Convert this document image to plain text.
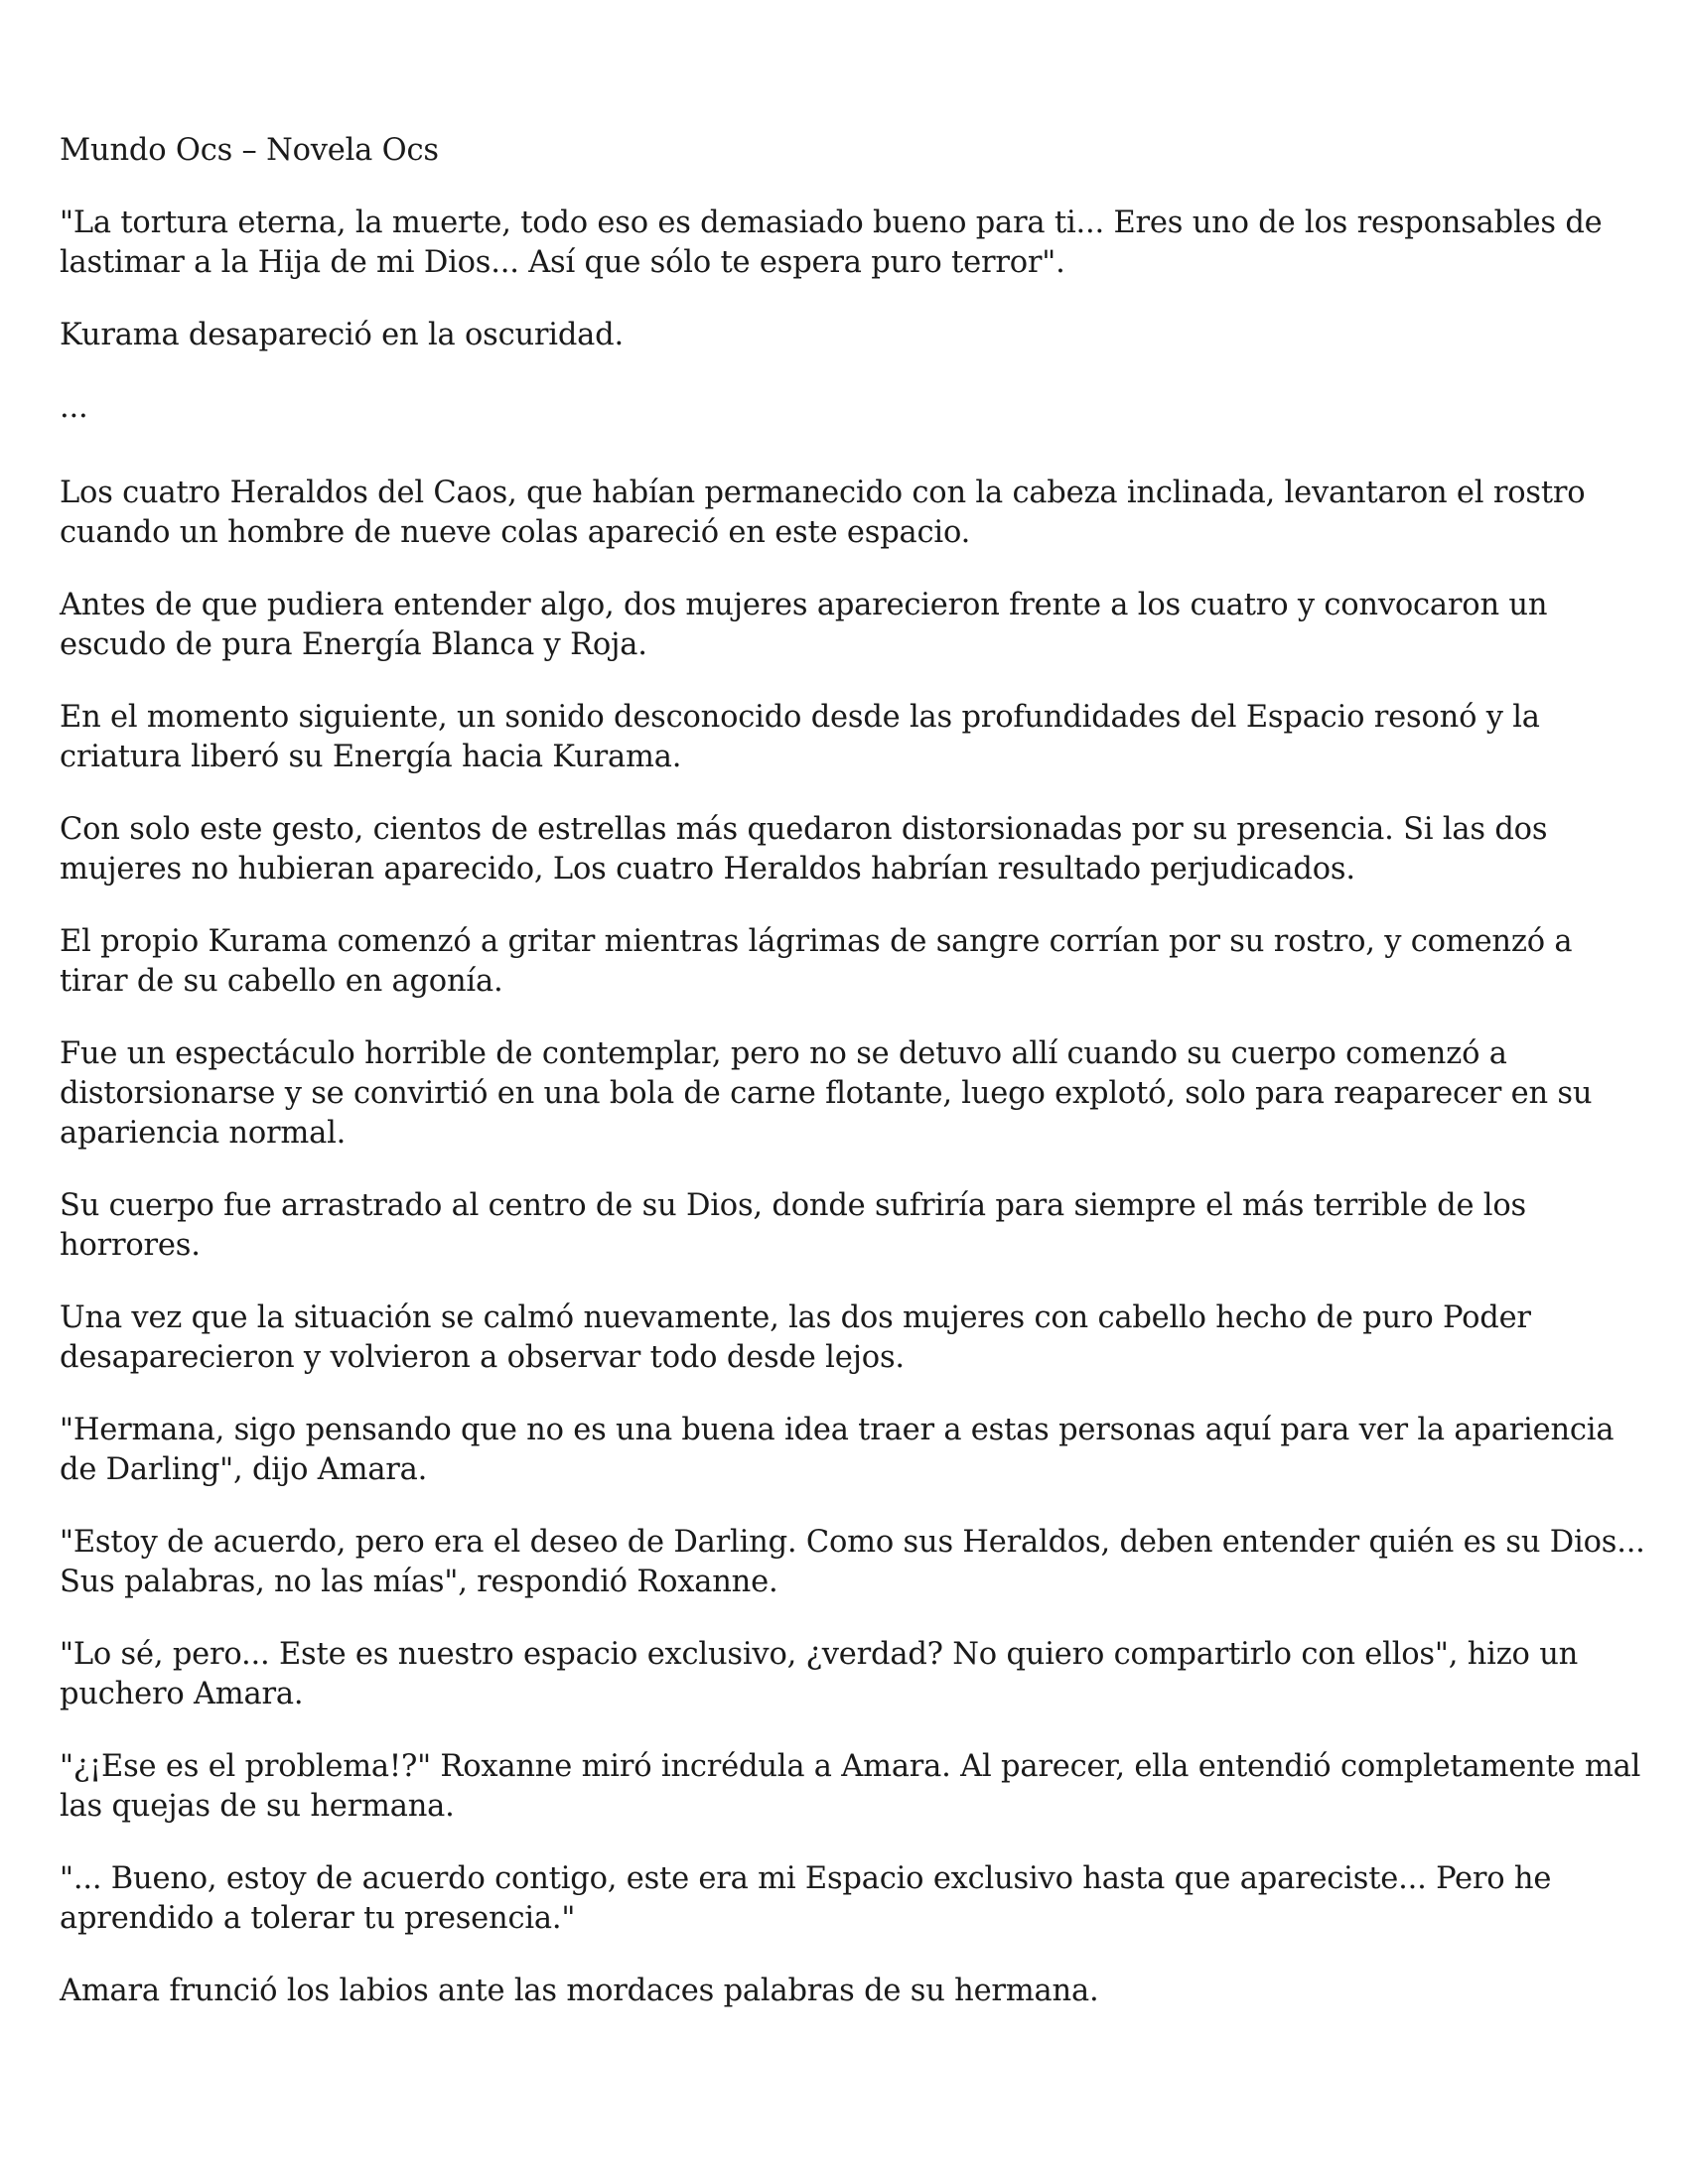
Mundo Ocs – Novela Ocs

"La tortura eterna, la muerte, todo eso es demasiado bueno para ti... Eres uno de los responsables de lastimar a la Hija de mi Dios... Así que sólo te espera puro terror".

Kurama desapareció en la oscuridad.

...

Los cuatro Heraldos del Caos, que habían permanecido con la cabeza inclinada, levantaron el rostro cuando un hombre de nueve colas apareció en este espacio.

Antes de que pudiera entender algo, dos mujeres aparecieron frente a los cuatro y convocaron un escudo de pura Energía Blanca y Roja.

En el momento siguiente, un sonido desconocido desde las profundidades del Espacio resonó y la criatura liberó su Energía hacia Kurama.

Con solo este gesto, cientos de estrellas más quedaron distorsionadas por su presencia. Si las dos mujeres no hubieran aparecido, Los cuatro Heraldos habrían resultado perjudicados.

El propio Kurama comenzó a gritar mientras lágrimas de sangre corrían por su rostro, y comenzó a tirar de su cabello en agonía.

Fue un espectáculo horrible de contemplar, pero no se detuvo allí cuando su cuerpo comenzó a distorsionarse y se convirtió en una bola de carne flotante, luego explotó, solo para reaparecer en su apariencia normal.

Su cuerpo fue arrastrado al centro de su Dios, donde sufriría para siempre el más terrible de los horrores.

Una vez que la situación se calmó nuevamente, las dos mujeres con cabello hecho de puro Poder desaparecieron y volvieron a observar todo desde lejos.

"Hermana, sigo pensando que no es una buena idea traer a estas personas aquí para ver la apariencia de Darling", dijo Amara.

"Estoy de acuerdo, pero era el deseo de Darling. Como sus Heraldos, deben entender quién es su Dios... Sus palabras, no las mías", respondió Roxanne.

"Lo sé, pero... Este es nuestro espacio exclusivo, ¿verdad? No quiero compartirlo con ellos", hizo un puchero Amara.

"¿¡Ese es el problema!?" Roxanne miró incrédula a Amara. Al parecer, ella entendió completamente mal las quejas de su hermana.

"... Bueno, estoy de acuerdo contigo, este era mi Espacio exclusivo hasta que apareciste... Pero he aprendido a tolerar tu presencia."

Amara frunció los labios ante las mordaces palabras de su hermana.
